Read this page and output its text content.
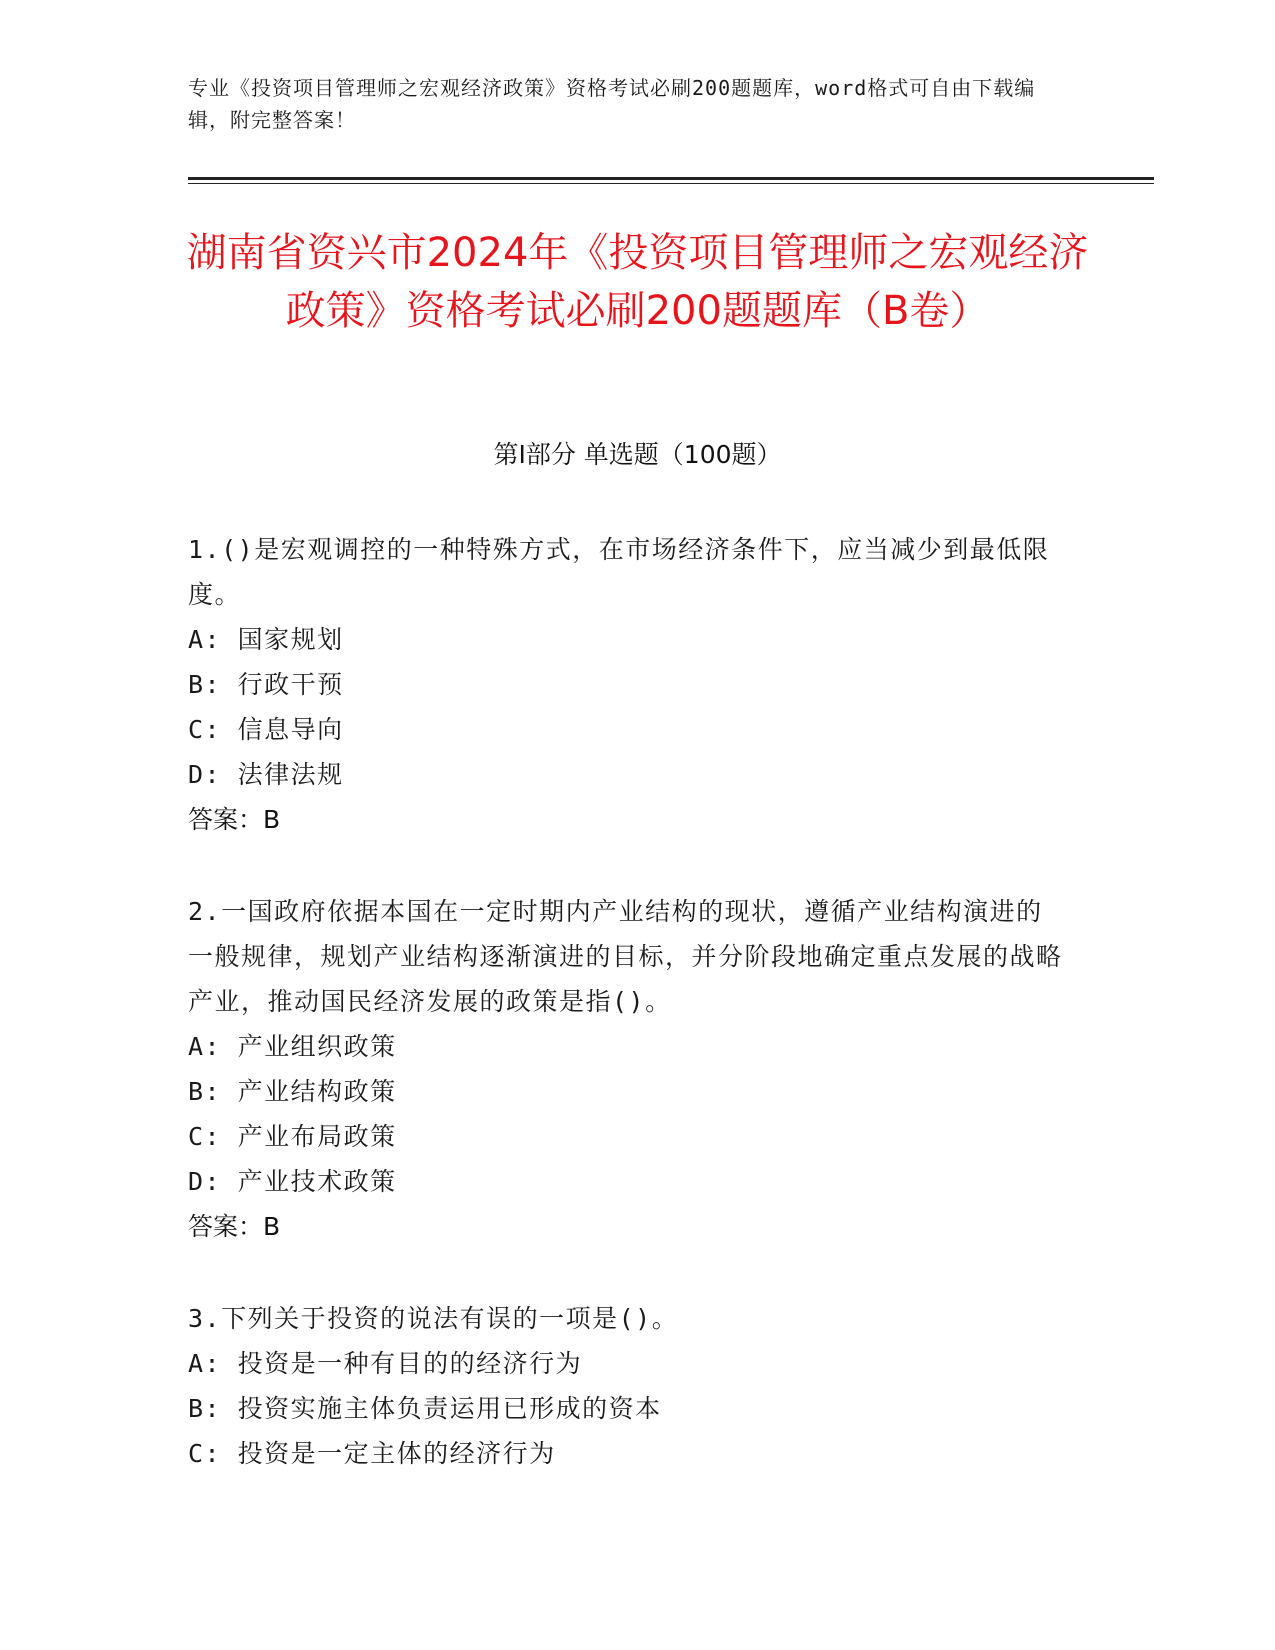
专业《投资项目管理师之宏观经济政策》资格考试必刷200题题库，word格式可自由下载编辑，附完整答案！
湖南省资兴市2024年《投资项目管理师之宏观经济政策》资格考试必刷200题题库（B卷）
第Ⅰ部分 单选题（100题）

1.()是宏观调控的一种特殊方式，在市场经济条件下，应当减少到最低限度。

A: 国家规划

B: 行政干预

C: 信息导向

D: 法律法规

答案：B

2.一国政府依据本国在一定时期内产业结构的现状，遵循产业结构演进的一般规律，规划产业结构逐渐演进的目标，并分阶段地确定重点发展的战略产业，推动国民经济发展的政策是指()。

A: 产业组织政策

B: 产业结构政策

C: 产业布局政策

D: 产业技术政策

答案：B

3.下列关于投资的说法有误的一项是()。

A: 投资是一种有目的的经济行为

B: 投资实施主体负责运用已形成的资本

C: 投资是一定主体的经济行为
